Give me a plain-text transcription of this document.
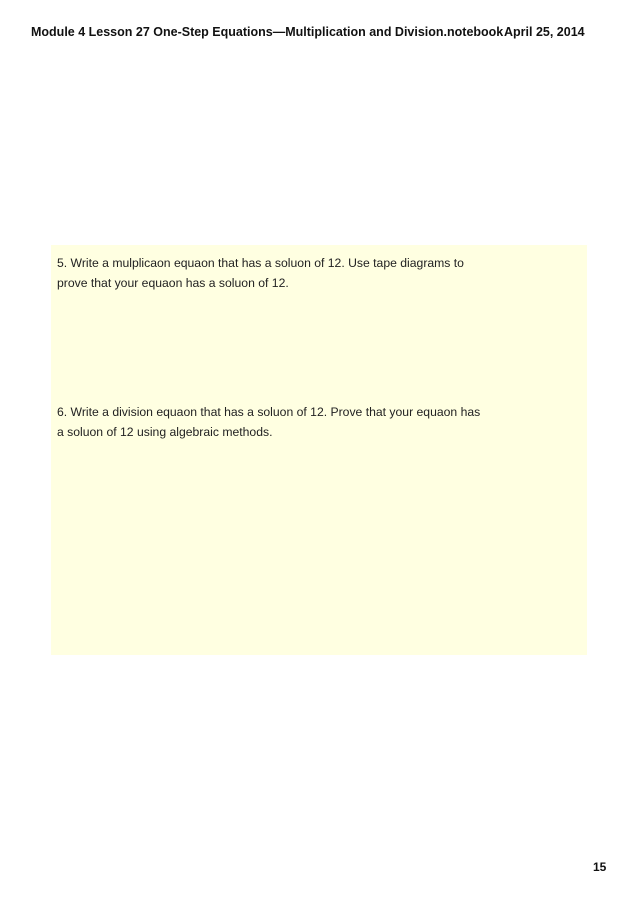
Module 4 Lesson 27 One-Step Equations—Multiplication and Division.notebook April 25, 2014
5. Write a mulplicaon equaon that has a soluon of 12. Use tape diagrams to
prove that your equaon has a soluon of 12.
6. Write a division equaon that has a soluon of 12. Prove that your equaon has
a soluon of 12 using algebraic methods.
15
